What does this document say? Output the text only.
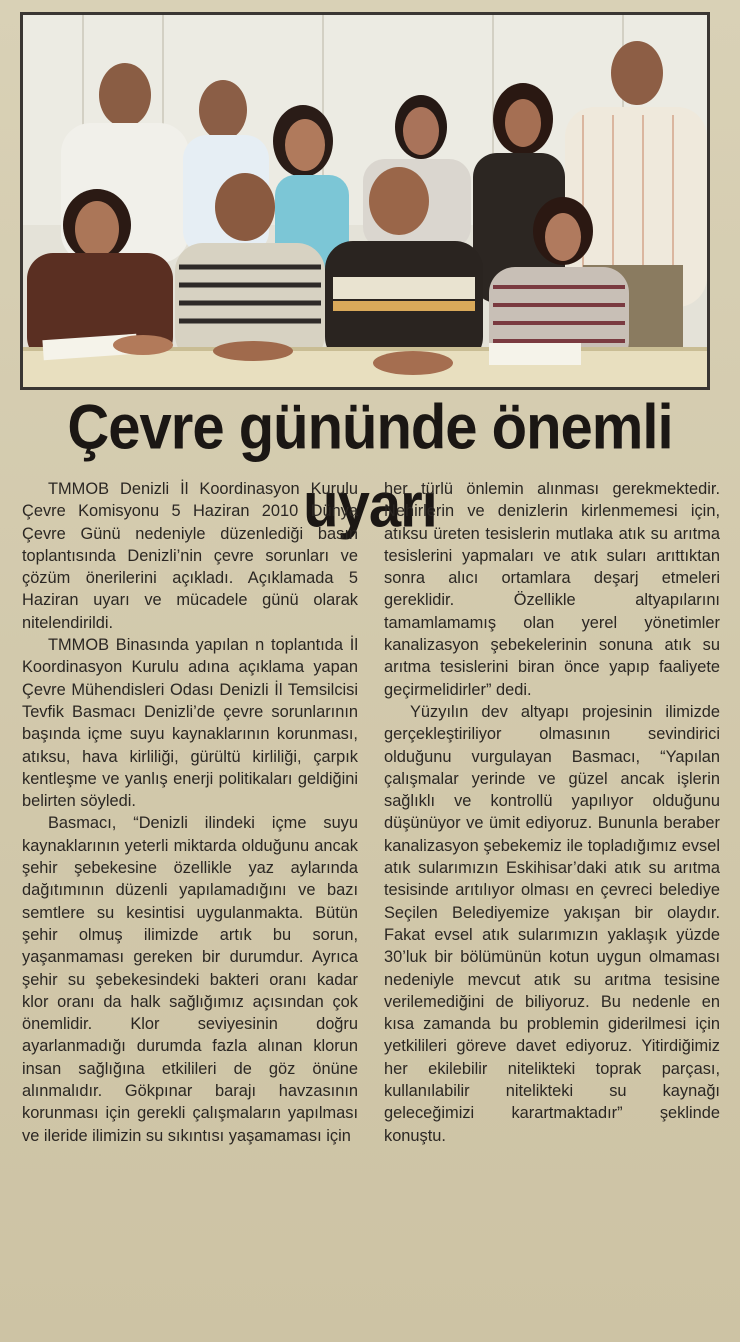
Çevre gününde önemli uyarı

TMMOB Denizli İl Koordinasyon Kurulu Çevre Komisyonu 5 Haziran 2010 Dünya Çevre Günü nedeniyle düzenlediği basın toplantısında Denizli’nin çevre sorunları ve çözüm önerilerini açıkladı. Açıklamada 5 Haziran uyarı ve mücadele günü olarak nitelendirildi.

TMMOB Binasında yapılan n toplantıda İl Koordinasyon Kurulu adına açıklama yapan Çevre Mühendisleri Odası Denizli İl Temsilcisi Tevfik Basmacı Denizli’de çevre sorunlarının başında içme suyu kaynaklarının korunması, atıksu, hava kirliliği, gürültü kirliliği, çarpık kentleşme ve yanlış enerji politikaları geldiğini belirten söyledi.

Basmacı, “Denizli ilindeki içme suyu kaynaklarının yeterli miktarda olduğunu ancak şehir şebekesine özellikle yaz aylarında dağıtımının düzenli yapılamadığını ve bazı semtlere su kesintisi uygulanmakta. Bütün şehir olmuş ilimizde artık bu sorun, yaşanmaması gereken bir durumdur. Ayrıca şehir su şebekesindeki bakteri oranı kadar klor oranı da halk sağlığımız açısından çok önemlidir. Klor seviyesinin doğru ayarlanmadığı durumda fazla alınan klorun insan sağlığına etkilileri de göz önüne alınmalıdır. Gökpınar barajı havzasının korunması için gerekli çalışmaların yapılması ve ileride ilimizin su sıkıntısı yaşamaması için

her türlü önlemin alınması gerekmektedir. Nehirlerin ve denizlerin kirlenmemesi için, atıksu üreten tesislerin mutlaka atık su arıtma tesislerini yapmaları ve atık suları arıttıktan sonra alıcı ortamlara deşarj etmeleri gereklidir. Özellikle altyapılarını tamamlamamış olan yerel yönetimler kanalizasyon şebekelerinin sonuna atık su arıtma tesislerini biran önce yapıp faaliyete geçirmelidirler” dedi.

Yüzyılın dev altyapı projesinin ilimizde gerçekleştiriliyor olmasının sevindirici olduğunu vurgulayan Basmacı, “Yapılan çalışmalar yerinde ve güzel ancak işlerin sağlıklı ve kontrollü yapılıyor olduğunu düşünüyor ve ümit ediyoruz. Bununla beraber kanalizasyon şebekemiz ile topladığımız evsel atık sularımızın Eskihisar’daki atık su arıtma tesisinde arıtılıyor olması en çevreci belediye Seçilen Belediyemize yakışan bir olaydır. Fakat evsel atık sularımızın yaklaşık yüzde 30’luk bir bölümünün kotun uygun olmaması nedeniyle mevcut atık su arıtma tesisine verilemediğini de biliyoruz. Bu nedenle en kısa zamanda bu problemin giderilmesi için yetkilileri göreve davet ediyoruz. Yitirdiğimiz her ekilebilir nitelikteki toprak parçası, kullanılabilir nitelikteki su kaynağı geleceğimizi karartmaktadır” şeklinde konuştu.
